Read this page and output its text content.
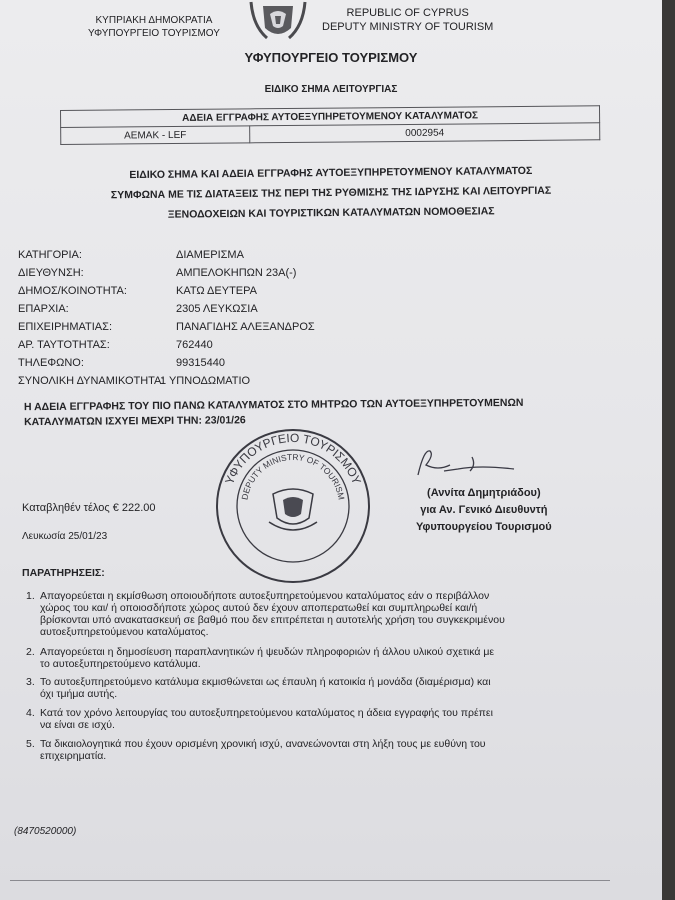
ΚΥΠΡΙΑΚΗ ΔΗΜΟΚΡΑΤΙΑ
ΥΦΥΠΟΥΡΓΕΙΟ ΤΟΥΡΙΣΜΟΥ
REPUBLIC OF CYPRUS
DEPUTY MINISTRY OF TOURISM
ΥΦΥΠΟΥΡΓΕΙΟ ΤΟΥΡΙΣΜΟΥ
ΕΙΔΙΚΟ ΣΗΜΑ ΛΕΙΤΟΥΡΓΙΑΣ
ΑΔΕΙΑ ΕΓΓΡΑΦΗΣ ΑΥΤΟΕΞΥΠΗΡΕΤΟΥΜΕΝΟΥ ΚΑΤΑΛΥΜΑΤΟΣ
ΑΕΜΑΚ - LEF	0002954
ΕΙΔΙΚΟ ΣΗΜΑ ΚΑΙ ΑΔΕΙΑ ΕΓΓΡΑΦΗΣ ΑΥΤΟΕΞΥΠΗΡΕΤΟΥΜΕΝΟΥ ΚΑΤΑΛΥΜΑΤΟΣ
ΣΥΜΦΩΝΑ ΜΕ ΤΙΣ ΔΙΑΤΑΞΕΙΣ ΤΗΣ ΠΕΡΙ ΤΗΣ ΡΥΘΜΙΣΗΣ ΤΗΣ ΙΔΡΥΣΗΣ ΚΑΙ ΛΕΙΤΟΥΡΓΙΑΣ
ΞΕΝΟΔΟΧΕΙΩΝ ΚΑΙ ΤΟΥΡΙΣΤΙΚΩΝ ΚΑΤΑΛΥΜΑΤΩΝ ΝΟΜΟΘΕΣΙΑΣ
ΚΑΤΗΓΟΡΙΑ:	ΔΙΑΜΕΡΙΣΜΑ
ΔΙΕΥΘΥΝΣΗ:	ΑΜΠΕΛΟΚΗΠΩΝ 23Α(-)
ΔΗΜΟΣ/ΚΟΙΝΟΤΗΤΑ:	ΚΑΤΩ ΔΕΥΤΕΡΑ
ΕΠΑΡΧΙΑ:	2305 ΛΕΥΚΩΣΙΑ
ΕΠΙΧΕΙΡΗΜΑΤΙΑΣ:	ΠΑΝΑΓΙΔΗΣ ΑΛΕΞΑΝΔΡΟΣ
ΑΡ. ΤΑΥΤΟΤΗΤΑΣ:	762440
ΤΗΛΕΦΩΝΟ:	99315440
ΣΥΝΟΛΙΚΗ ΔΥΝΑΜΙΚΟΤΗΤΑ:
1 ΥΠΝΟΔΩΜΑΤΙΟ
Η ΑΔΕΙΑ ΕΓΓΡΑΦΗΣ ΤΟΥ ΠΙΟ ΠΑΝΩ ΚΑΤΑΛΥΜΑΤΟΣ ΣΤΟ ΜΗΤΡΩΟ ΤΩΝ ΑΥΤΟΕΞΥΠΗΡΕΤΟΥΜΕΝΩΝ
ΚΑΤΑΛΥΜΑΤΩΝ ΙΣΧΥΕΙ ΜΕΧΡΙ ΤΗΝ: 23/01/26
(Αννίτα Δημητριάδου)
για Αν. Γενικό Διευθυντή
Υφυπουργείου Τουρισμού
Καταβληθέν τέλος € 222.00
Λευκωσία 25/01/23
ΥΦΥΠΟΥΡΓΕΙΟ ΤΟΥΡΙΣΜΟΥ
DEPUTY MINISTRY OF TOURISM
ΠΑΡΑΤΗΡΗΣΕΙΣ:
1. Απαγορεύεται η εκμίσθωση οποιουδήποτε αυτοεξυπηρετούμενου καταλύματος εάν ο περιβάλλον
χώρος του και/ ή οποιοσδήποτε χώρος αυτού δεν έχουν αποπερατωθεί και συμπληρωθεί και/ή
βρίσκονται υπό ανακατασκευή σε βαθμό που δεν επιτρέπεται η αυτοτελής χρήση του συγκεκριμένου
αυτοεξυπηρετούμενου καταλύματος.
2. Απαγορεύεται η δημοσίευση παραπλανητικών ή ψευδών πληροφοριών ή άλλου υλικού σχετικά με
το αυτοεξυπηρετούμενο κατάλυμα.
3. Το αυτοεξυπηρετούμενο κατάλυμα εκμισθώνεται ως έπαυλη ή κατοικία ή μονάδα (διαμέρισμα) και
όχι τμήμα αυτής.
4. Κατά τον χρόνο λειτουργίας του αυτοεξυπηρετούμενου καταλύματος η άδεια εγγραφής του πρέπει
να είναι σε ισχύ.
5. Τα δικαιολογητικά που έχουν ορισμένη χρονική ισχύ, ανανεώνονται στη λήξη τους με ευθύνη του
επιχειρηματία.
(8470520000)
